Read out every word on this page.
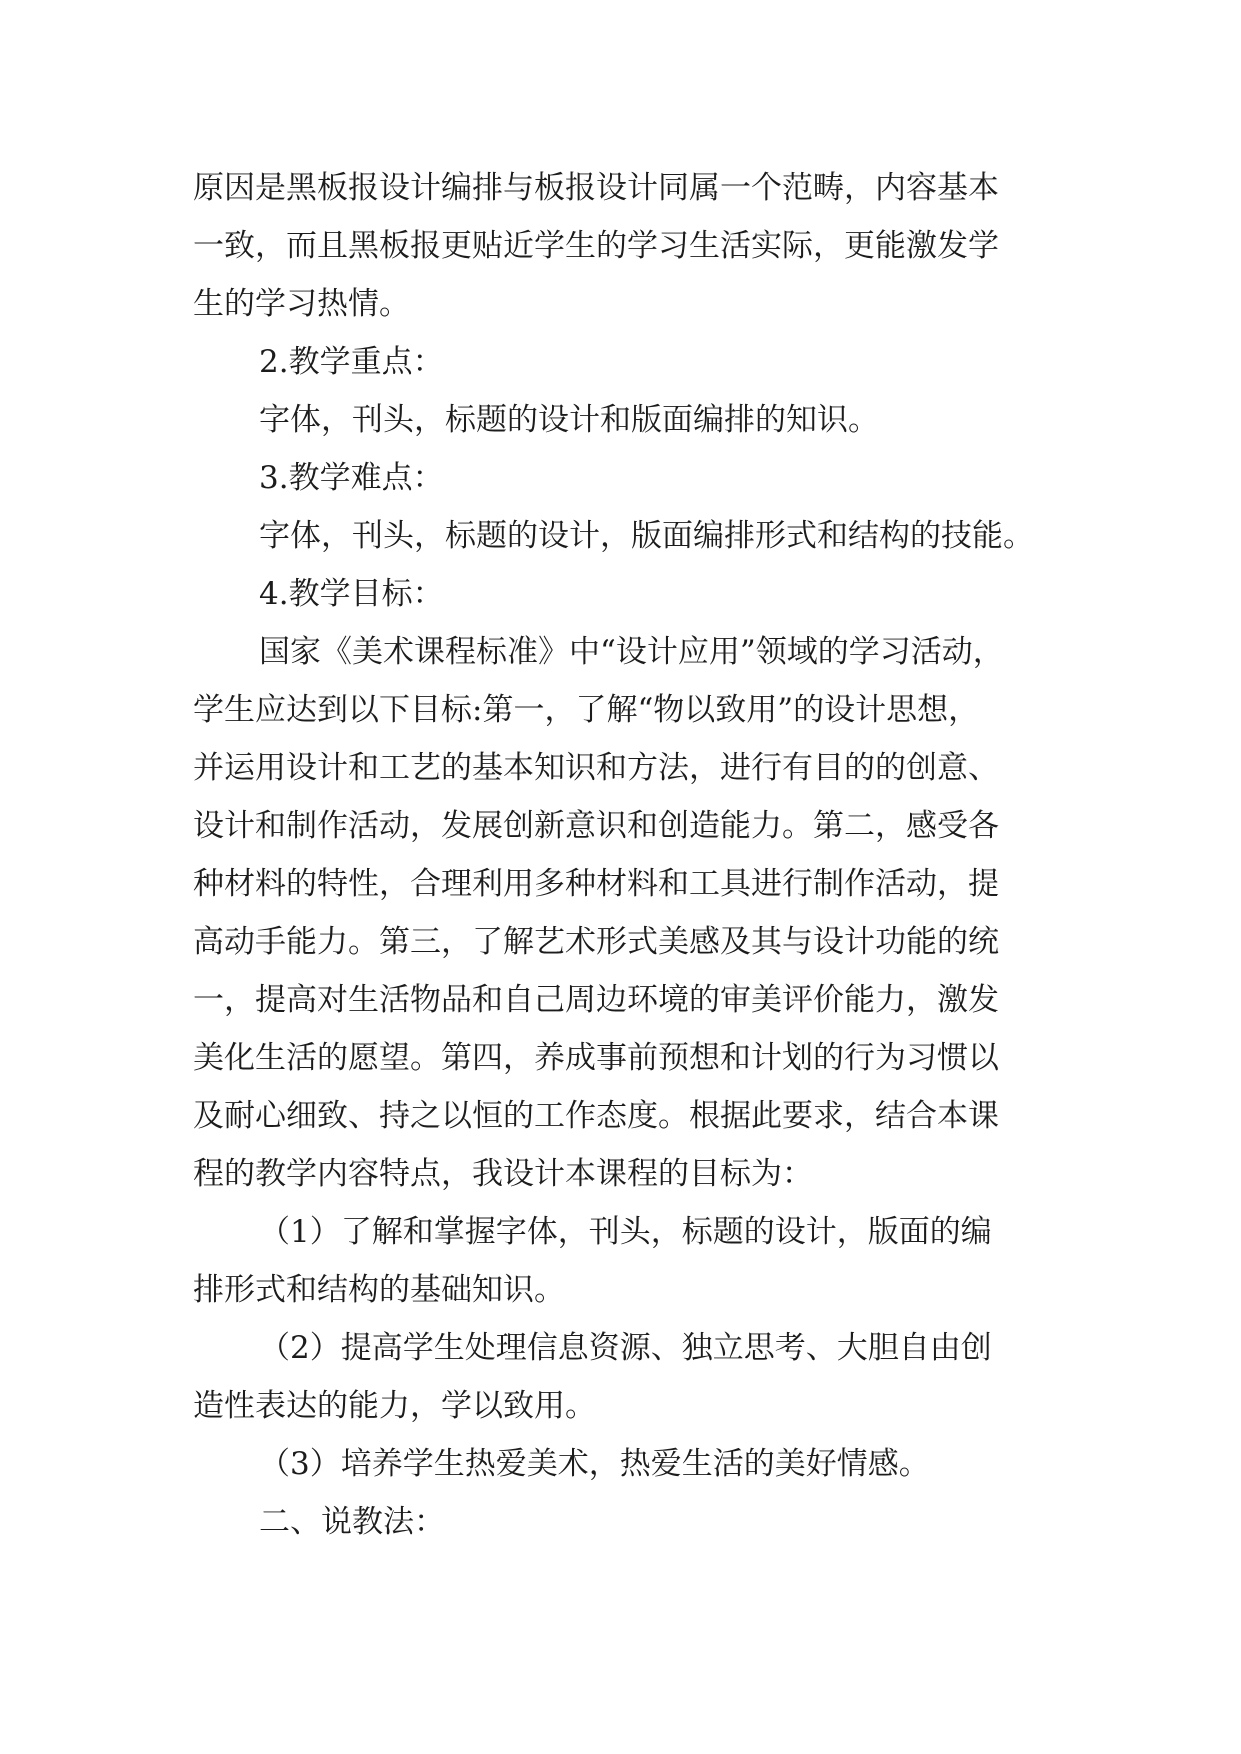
原因是黑板报设计编排与板报设计同属一个范畴，内容基本

一致，而且黑板报更贴近学生的学习生活实际，更能激发学

生的学习热情。

2.教学重点：

字体，刊头，标题的设计和版面编排的知识。

3.教学难点：

字体，刊头，标题的设计，版面编排形式和结构的技能。

4.教学目标：

国家《美术课程标准》中“设计应用”领域的学习活动，

学生应达到以下目标:第一，了解“物以致用”的设计思想，

并运用设计和工艺的基本知识和方法，进行有目的的创意、

设计和制作活动，发展创新意识和创造能力。第二，感受各

种材料的特性，合理利用多种材料和工具进行制作活动，提

高动手能力。第三，了解艺术形式美感及其与设计功能的统

一，提高对生活物品和自己周边环境的审美评价能力，激发

美化生活的愿望。第四，养成事前预想和计划的行为习惯以

及耐心细致、持之以恒的工作态度。根据此要求，结合本课

程的教学内容特点，我设计本课程的目标为：

（1）了解和掌握字体，刊头，标题的设计，版面的编

排形式和结构的基础知识。

（2）提高学生处理信息资源、独立思考、大胆自由创

造性表达的能力，学以致用。

（3）培养学生热爱美术，热爱生活的美好情感。

二、说教法：
